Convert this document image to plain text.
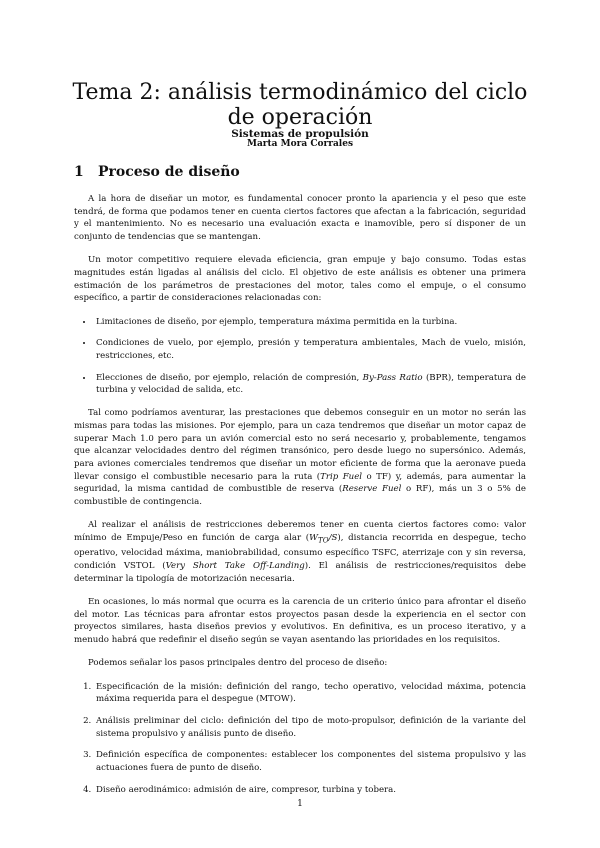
Tema 2: análisis termodinámico del ciclo de operación
Sistemas de propulsión
Marta Mora Corrales
1 Proceso de diseño

A la hora de diseñar un motor, es fundamental conocer pronto la apariencia y el peso que este tendrá, de forma que podamos tener en cuenta ciertos factores que afectan a la fabricación, seguridad y el mantenimiento. No es necesario una evaluación exacta e inamovible, pero sí disponer de un conjunto de tendencias que se mantengan.

Un motor competitivo requiere elevada eficiencia, gran empuje y bajo consumo. Todas estas magnitudes están ligadas al análisis del ciclo. El objetivo de este análisis es obtener una primera estimación de los parámetros de prestaciones del motor, tales como el empuje, o el consumo específico, a partir de consideraciones relacionadas con:

• Limitaciones de diseño, por ejemplo, temperatura máxima permitida en la turbina.
• Condiciones de vuelo, por ejemplo, presión y temperatura ambientales, Mach de vuelo, misión, restricciones, etc.
• Elecciones de diseño, por ejemplo, relación de compresión, By-Pass Ratio (BPR), temperatura de turbina y velocidad de salida, etc.

Tal como podríamos aventurar, las prestaciones que debemos conseguir en un motor no serán las mismas para todas las misiones. Por ejemplo, para un caza tendremos que diseñar un motor capaz de superar Mach 1.0 pero para un avión comercial esto no será necesario y, probablemente, tengamos que alcanzar velocidades dentro del régimen transónico, pero desde luego no supersónico. Además, para aviones comerciales tendremos que diseñar un motor eficiente de forma que la aeronave pueda llevar consigo el combustible necesario para la ruta (Trip Fuel o TF) y, además, para aumentar la seguridad, la misma cantidad de combustible de reserva (Reserve Fuel o RF), más un 3 o 5% de combustible de contingencia.

Al realizar el análisis de restricciones deberemos tener en cuenta ciertos factores como: valor mínimo de Empuje/Peso en función de carga alar $(W_{TO}/S)$, distancia recorrida en despegue, techo operativo, velocidad máxima, maniobrabilidad, consumo específico TSFC, aterrizaje con y sin reversa, condición VSTOL (Very Short Take Off-Landing). El análisis de restricciones/requisitos debe determinar la tipología de motorización necesaria.

En ocasiones, lo más normal que ocurra es la carencia de un criterio único para afrontar el diseño del motor. Las técnicas para afrontar estos proyectos pasan desde la experiencia en el sector con proyectos similares, hasta diseños previos y evolutivos. En definitiva, es un proceso iterativo, y a menudo habrá que redefinir el diseño según se vayan asentando las prioridades en los requisitos.

Podemos señalar los pasos principales dentro del proceso de diseño:

1. Especificación de la misión: definición del rango, techo operativo, velocidad máxima, potencia máxima requerida para el despegue (MTOW).
2. Análisis preliminar del ciclo: definición del tipo de moto-propulsor, definición de la variante del sistema propulsivo y análisis punto de diseño.
3. Definición específica de componentes: establecer los componentes del sistema propulsivo y las actuaciones fuera de punto de diseño.
4. Diseño aerodinámico: admisión de aire, compresor, turbina y tobera.
1
